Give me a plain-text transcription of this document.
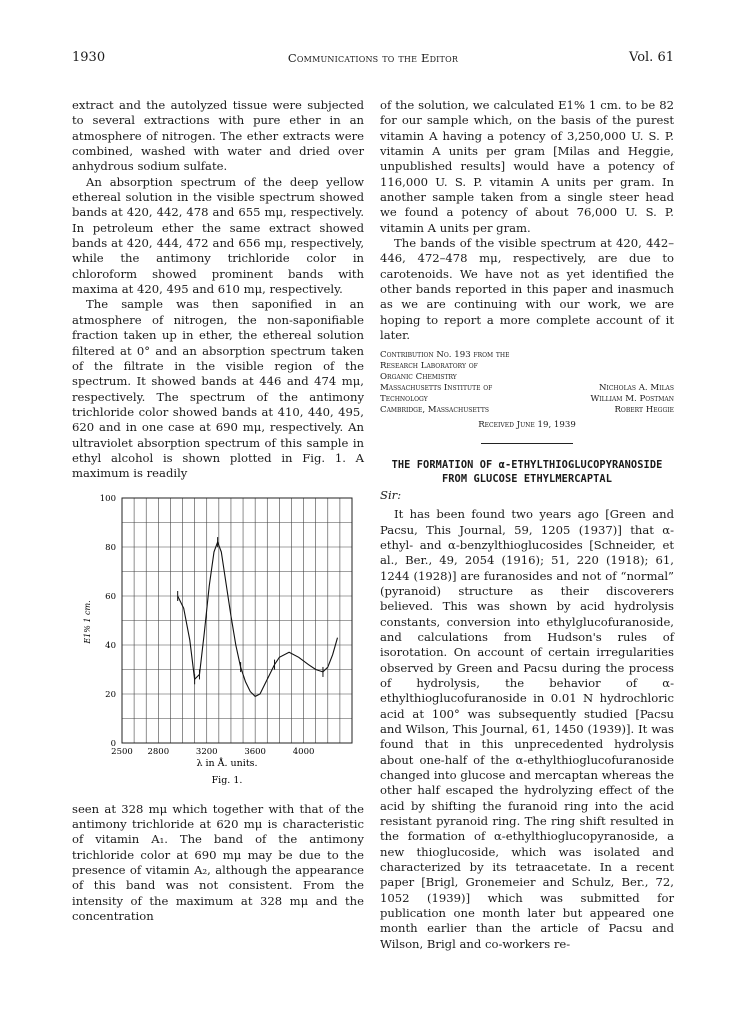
1930	Communications to the Editor	Vol. 61

extract and the autolyzed tissue were subjected to several extractions with pure ether in an atmosphere of nitrogen. The ether extracts were combined, washed with water and dried over anhydrous sodium sulfate.

An absorption spectrum of the deep yellow ethereal solution in the visible spectrum showed bands at 420, 442, 478 and 655 mμ, respectively. In petroleum ether the same extract showed bands at 420, 444, 472 and 656 mμ, respectively, while the antimony trichloride color in chloroform showed prominent bands with maxima at 420, 495 and 610 mμ, respectively.

The sample was then saponified in an atmosphere of nitrogen, the non-saponifiable fraction taken up in ether, the ethereal solution filtered at 0° and an absorption spectrum taken of the filtrate in the visible region of the spectrum. It showed bands at 446 and 474 mμ, respectively. The spectrum of the antimony trichloride color showed bands at 410, 440, 495, 620 and in one case at 690 mμ, respectively. An ultraviolet absorption spectrum of this sample in ethyl alcohol is shown plotted in Fig. 1. A maximum is readily

0
20
40
60
80
100
2500 2800	3200	3600	4000
E1% 1 cm.
λ in Å. units.
Fig. 1.

seen at 328 mμ which together with that of the antimony trichloride at 620 mμ is characteristic of vitamin A₁. The band of the antimony trichloride color at 690 mμ may be due to the presence of vitamin A₂, although the appearance of this band was not consistent. From the intensity of the maximum at 328 mμ and the concentration

of the solution, we calculated E1% 1 cm. to be 82 for our sample which, on the basis of the purest vitamin A having a potency of 3,250,000 U. S. P. vitamin A units per gram [Milas and Heggie, unpublished results] would have a potency of 116,000 U. S. P. vitamin A units per gram. In another sample taken from a single steer head we found a potency of about 76,000 U. S. P. vitamin A units per gram.

The bands of the visible spectrum at 420, 442–446, 472–478 mμ, respectively, are due to carotenoids. We have not as yet identified the other bands reported in this paper and inasmuch as we are continuing with our work, we are hoping to report a more complete account of it later.

Contribution No. 193 from the
Research Laboratory of
Organic Chemistry
Massachusetts Institute of	Nicholas A. Milas
Technology	William M. Postman
Cambridge, Massachusetts	Robert Heggie
Received June 19, 1939
THE FORMATION OF α-ETHYLTHIOGLUCOPYRANOSIDE FROM GLUCOSE ETHYLMERCAPTAL

Sir:

It has been found two years ago [Green and Pacsu, This Journal, 59, 1205 (1937)] that α-ethyl- and α-benzylthioglucosides [Schneider, et al., Ber., 49, 2054 (1916); 51, 220 (1918); 61, 1244 (1928)] are furanosides and not of “normal” (pyranoid) structure as their discoverers believed. This was shown by acid hydrolysis constants, conversion into ethylglucofuranoside, and calculations from Hudson's rules of isorotation. On account of certain irregularities observed by Green and Pacsu during the process of hydrolysis, the behavior of α-ethylthioglucofuranoside in 0.01 N hydrochloric acid at 100° was subsequently studied [Pacsu and Wilson, This Journal, 61, 1450 (1939)]. It was found that in this unprecedented hydrolysis about one-half of the α-ethylthioglucofuranoside changed into glucose and mercaptan whereas the other half escaped the hydrolyzing effect of the acid by shifting the furanoid ring into the acid resistant pyranoid ring. The ring shift resulted in the formation of α-ethylthioglucopyranoside, a new thioglucoside, which was isolated and characterized by its tetraacetate. In a recent paper [Brigl, Gronemeier and Schulz, Ber., 72, 1052 (1939)] which was submitted for publication one month later but appeared one month earlier than the article of Pacsu and Wilson, Brigl and co-workers re-
